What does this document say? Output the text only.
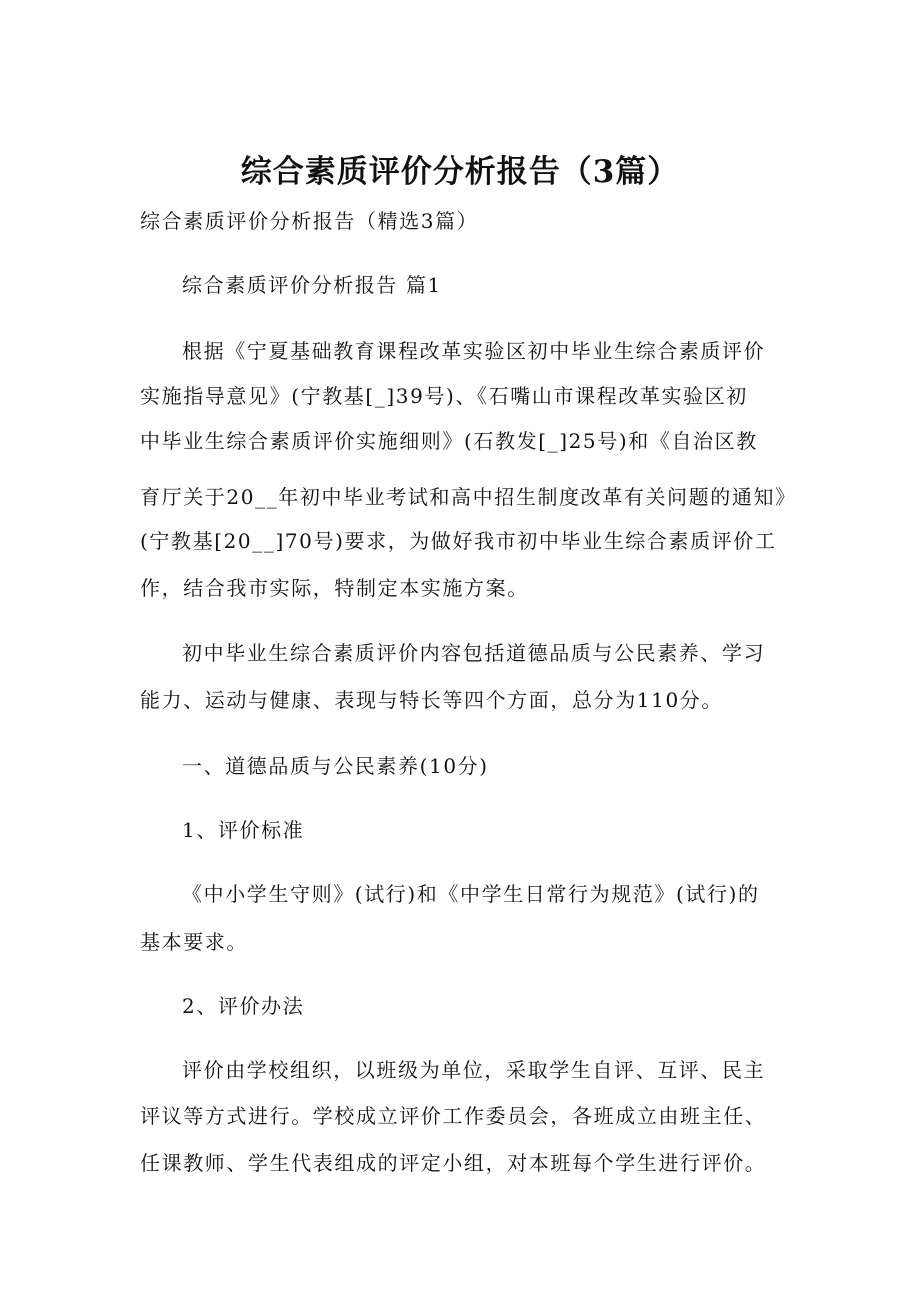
综合素质评价分析报告（3篇）
综合素质评价分析报告（精选3篇）
综合素质评价分析报告 篇1
根据《宁夏基础教育课程改革实验区初中毕业生综合素质评价
实施指导意见》(宁教基[_]39号)、《石嘴山市课程改革实验区初
中毕业生综合素质评价实施细则》(石教发[_]25号)和《自治区教
育厅关于20__年初中毕业考试和高中招生制度改革有关问题的通知》
(宁教基[20__]70号)要求，为做好我市初中毕业生综合素质评价工
作，结合我市实际，特制定本实施方案。
初中毕业生综合素质评价内容包括道德品质与公民素养、学习
能力、运动与健康、表现与特长等四个方面，总分为110分。
一、道德品质与公民素养(10分)
1、评价标准
《中小学生守则》(试行)和《中学生日常行为规范》(试行)的
基本要求。
2、评价办法
评价由学校组织，以班级为单位，采取学生自评、互评、民主
评议等方式进行。学校成立评价工作委员会，各班成立由班主任、
任课教师、学生代表组成的评定小组，对本班每个学生进行评价。
